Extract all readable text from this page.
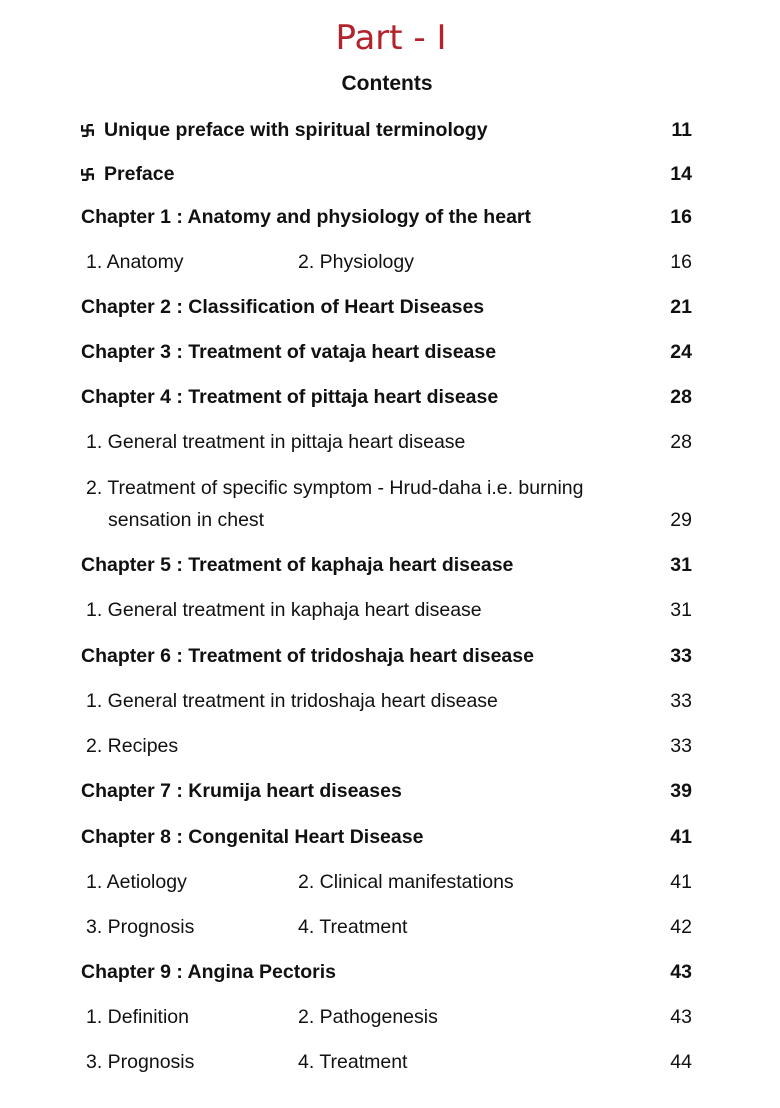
Part - I
Contents
Unique preface with spiritual terminology	11
Preface	14
Chapter 1 : Anatomy and physiology of the heart	16
1. Anatomy	2. Physiology	16
Chapter 2 : Classification of Heart Diseases	21
Chapter 3 : Treatment of vataja heart disease	24
Chapter 4 : Treatment of pittaja heart disease	28
1. General treatment in pittaja heart disease	28
2. Treatment of specific symptom - Hrud-daha i.e. burning
sensation in chest	29
Chapter 5 : Treatment of kaphaja heart disease	31
1. General treatment in kaphaja heart disease	31
Chapter 6 : Treatment of tridoshaja heart disease	33
1. General treatment in tridoshaja heart disease	33
2. Recipes	33
Chapter 7 : Krumija heart diseases	39
Chapter 8 : Congenital Heart Disease	41
1. Aetiology	2. Clinical manifestations	41
3. Prognosis	4. Treatment	42
Chapter 9 : Angina Pectoris	43
1. Definition	2. Pathogenesis	43
3. Prognosis	4. Treatment	44
